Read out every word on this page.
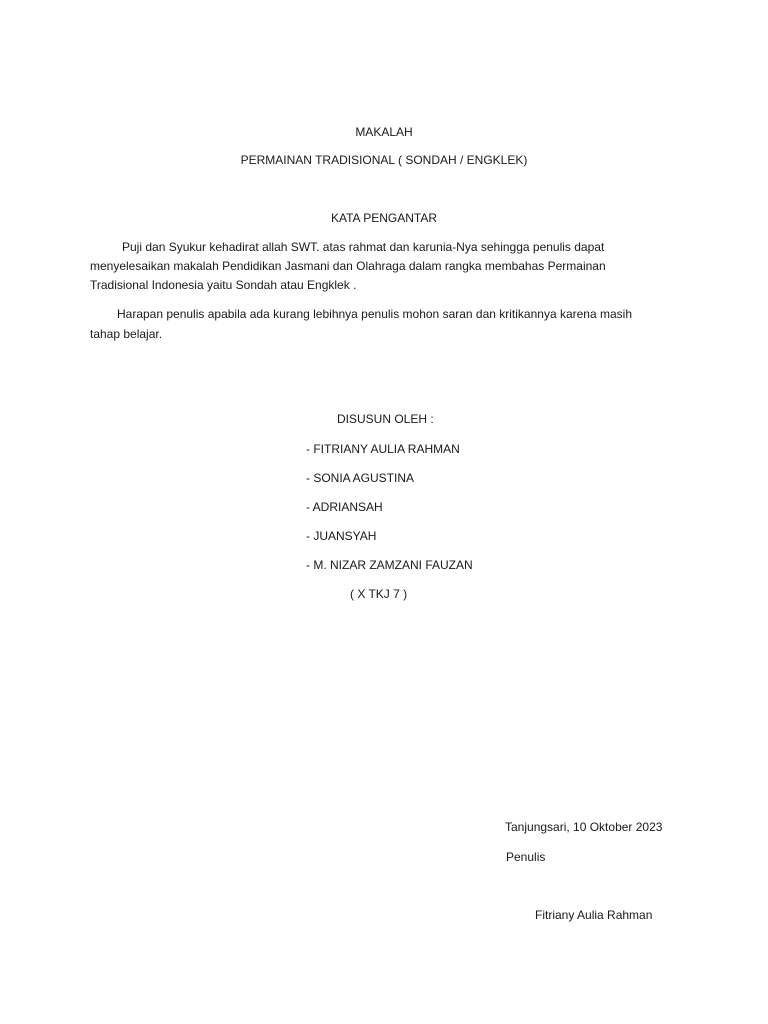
MAKALAH
PERMAINAN TRADISIONAL ( SONDAH / ENGKLEK)
KATA PENGANTAR
Puji dan Syukur kehadirat allah SWT. atas rahmat dan karunia-Nya sehingga penulis dapat
menyelesaikan makalah Pendidikan Jasmani dan Olahraga dalam rangka membahas Permainan
Tradisional Indonesia yaitu Sondah atau Engklek .
Harapan penulis apabila ada kurang lebihnya penulis mohon saran dan kritikannya karena masih
tahap belajar.
DISUSUN OLEH :
- FITRIANY AULIA RAHMAN
- SONIA AGUSTINA
- ADRIANSAH
- JUANSYAH
- M. NIZAR ZAMZANI FAUZAN
( X TKJ 7 )
Tanjungsari, 10 Oktober 2023
Penulis
Fitriany Aulia Rahman
